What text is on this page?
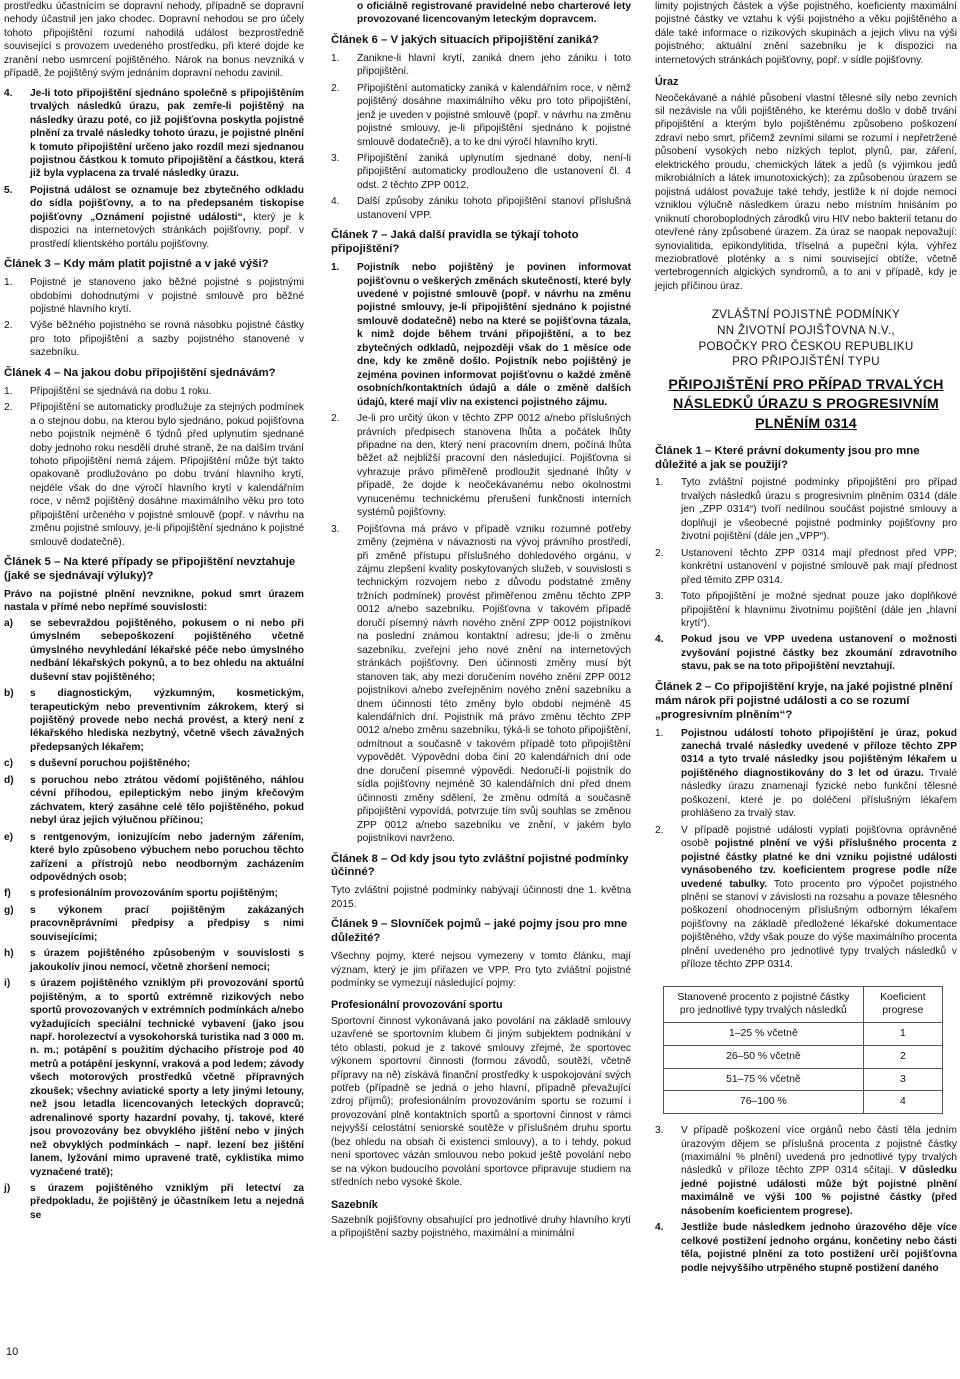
prostředku účastnícím se dopravní nehody, případně se dopravní nehody účastnil jen jako chodec. Dopravní nehodou se pro účely tohoto připojištění rozumí nahodilá událost bezprostředně související s provozem uvedeného prostředku, při které dojde ke zranění nebo usmrcení pojištěného. Nárok na bonus nevzniká v případě, že pojištěný svým jednáním dopravní nehodu zavinil.

4.	Je-li toto připojištění sjednáno společně s připojištěním trvalých následků úrazu, pak zemře-li pojištěný na následky úrazu poté, co již pojišťovna poskytla pojistné plnění za trvalé následky tohoto úrazu, je pojistné plnění k tomuto připojištění určeno jako rozdíl mezi sjednanou pojistnou částkou k tomuto připojištění a částkou, která již byla vyplacena za trvalé následky úrazu.
5.	Pojistná událost se oznamuje bez zbytečného odkladu do sídla pojišťovny, a to na předepsaném tiskopise pojišťovny „Oznámení pojistné události“, který je k dispozici na internetových stránkách pojišťovny, popř. v prostředí klientského portálu pojišťovny.
Článek 3 – Kdy mám platit pojistné a v jaké výši?
1.	Pojistné je stanoveno jako běžné pojistné s pojistnými obdobími dohodnutými v pojistné smlouvě pro běžné pojistné hlavního krytí.
2.	Výše běžného pojistného se rovná násobku pojistné částky pro toto připojištění a sazby pojistného stanovené v sazebníku.
Článek 4 – Na jakou dobu připojištění sjednávám?
1.	Připojištění se sjednává na dobu 1 roku.
2.	Připojištění se automaticky prodlužuje za stejných podmínek a o stejnou dobu, na kterou bylo sjednáno, pokud pojišťovna nebo pojistník nejméně 6 týdnů před uplynutím sjednané doby jednoho roku nesdělí druhé straně, že na dalším trvání tohoto připojištění nemá zájem. Připojištění může být takto opakovaně prodlužováno po dobu trvání hlavního krytí, nejdéle však do dne výročí hlavního krytí v kalendářním roce, v němž pojištěný dosáhne maximálního věku pro toto připojištění určeného v pojistné smlouvě (popř. v návrhu na změnu pojistné smlouvy, je-li připojištění sjednáno k pojistné smlouvě dodatečně).
Článek 5 – Na které případy se připojištění nevztahuje (jaké se sjednávají výluky)?

Právo na pojistné plnění nevznikne, pokud smrt úrazem nastala v přímé nebo nepřímé souvislosti:

a)	se sebevraždou pojištěného, pokusem o ni nebo při úmyslném sebepoškození pojištěného včetně úmyslného nevyhledání lékařské péče nebo úmyslného nedbání lékařských pokynů, a to bez ohledu na aktuální duševní stav pojištěného;
b)	s diagnostickým, výzkumným, kosmetickým, terapeutickým nebo preventivním zákrokem, který si pojištěný provede nebo nechá provést, a který není z lékařského hlediska nezbytný, včetně všech závažných předepsaných lékařem;
c)	s duševní poruchou pojištěného;
d)	s poruchou nebo ztrátou vědomí pojištěného, náhlou cévní příhodou, epileptickým nebo jiným křečovým záchvatem, který zasáhne celé tělo pojištěného, pokud nebyl úraz jejich výlučnou příčinou;
e)	s rentgenovým, ionizujícím nebo jaderným zářením, které bylo způsobeno výbuchem nebo poruchou těchto zařízení a přístrojů nebo neodborným zacházením odpovědných osob;
f)	s profesionálním provozováním sportu pojištěným;
g)	s výkonem prací pojištěným zakázaných pracovněprávními předpisy a předpisy s nimi souvisejícími;
h)	s úrazem pojištěného způsobeným v souvislosti s jakoukoliv jinou nemocí, včetně zhoršení nemoci;
i)	s úrazem pojištěného vzniklým při provozování sportů pojištěným, a to sportů extrémně rizikových nebo sportů provozovaných v extrémních podmínkách a/nebo vyžadujících speciální technické vybavení (jako jsou např. horolezectví a vysokohorská turistika nad 3 000 m. n. m.; potápění s použitím dýchacího přístroje pod 40 metrů a potápění jeskynní, vraková a pod ledem; závody všech motorových prostředků včetně přípravných zkoušek; všechny aviatické sporty a lety jinými letouny, než jsou letadla licencovaných leteckých dopravců; adrenalinové sporty hazardní povahy, tj. takové, které jsou provozovány bez obvyklého jištění nebo v jiných než obvyklých podmínkách – např. lezení bez jištění lanem, lyžování mimo upravené tratě, cyklistika mimo vyznačené tratě);
j)	s úrazem pojištěného vzniklým při letectví za předpokladu, že pojištěný je účastníkem letu a nejedná se

o oficiálně registrované pravidelné nebo charterové lety provozované licencovaným leteckým dopravcem.

Článek 6 – V jakých situacích připojištění zaniká?
1.	Zanikne-li hlavní krytí, zaniká dnem jeho zániku i toto připojištění.
2.	Připojištění automaticky zaniká v kalendářním roce, v němž pojištěný dosáhne maximálního věku pro toto připojištění, jenž je uveden v pojistné smlouvě (popř. v návrhu na změnu pojistné smlouvy, je-li připojištění sjednáno k pojistné smlouvě dodatečně), a to ke dni výročí hlavního krytí.
3.	Připojištění zaniká uplynutím sjednané doby, není-li připojištění automaticky prodlouženo dle ustanovení čl. 4 odst. 2 těchto ZPP 0012.
4.	Další způsoby zániku tohoto připojištění stanoví příslušná ustanovení VPP.
Článek 7 – Jaká další pravidla se týkají tohoto připojištění?
1.	Pojistník nebo pojištěný je povinen informovat pojišťovnu o veškerých změnách skutečností, které byly uvedené v pojistné smlouvě (popř. v návrhu na změnu pojistné smlouvy, je-li připojištění sjednáno k pojistné smlouvě dodatečně) nebo na které se pojišťovna tázala, k nimž dojde během trvání připojištění, a to bez zbytečných odkladů, nejpozději však do 1 měsíce ode dne, kdy ke změně došlo. Pojistník nebo pojištěný je zejména povinen informovat pojišťovnu o každé změně osobních/kontaktních údajů a dále o změně dalších údajů, které mají vliv na existenci pojistného zájmu.
2.	Je-li pro určitý úkon v těchto ZPP 0012 a/nebo příslušných právních předpisech stanovena lhůta a počátek lhůty připadne na den, který není pracovním dnem, počíná lhůta běžet až nejbližší pracovní den následující. Pojišťovna si vyhrazuje právo přiměřeně prodloužit sjednané lhůty v případě, že dojde k neočekávanému nebo okolnostmi vynucenému technickému přerušení funkčnosti interních systémů pojišťovny.
3.	Pojišťovna má právo v případě vzniku rozumné potřeby změny (zejména v návaznosti na vývoj právního prostředí, při změně přístupu příslušného dohledového orgánu, v zájmu zlepšení kvality poskytovaných služeb, v souvislosti s technickým rozvojem nebo z důvodu podstatné změny tržních podmínek) provést přiměřenou změnu těchto ZPP 0012 a/nebo sazebníku. Pojišťovna v takovém případě doručí písemný návrh nového znění ZPP 0012 pojistníkovi na poslední známou kontaktní adresu; jde-li o změnu sazebníku, zveřejní jeho nové znění na internetových stránkách pojišťovny. Den účinnosti změny musí být stanoven tak, aby mezi doručením nového znění ZPP 0012 pojistníkovi a/nebo zveřejněním nového znění sazebníku a dnem účinnosti této změny bylo období nejméně 45 kalendářních dní. Pojistník má právo změnu těchto ZPP 0012 a/nebo změnu sazebníku, týká-li se tohoto připojištění, odmítnout a současně v takovém případě toto připojištění vypovědět. Výpovědní doba činí 20 kalendářních dní ode dne doručení písemné výpovědi. Nedoručí-li pojistník do sídla pojišťovny nejméně 30 kalendářních dní před dnem účinnosti změny sdělení, že změnu odmítá a současně připojištění vypovídá, potvrzuje tím svůj souhlas se změnou ZPP 0012 a/nebo sazebníku ve znění, v jakém bylo pojistníkovi navrženo.
Článek 8 – Od kdy jsou tyto zvláštní pojistné podmínky účinné?

Tyto zvláštní pojistné podmínky nabývají účinnosti dne 1. května 2015.

Článek 9 – Slovníček pojmů – jaké pojmy jsou pro mne důležité?

Všechny pojmy, které nejsou vymezeny v tomto článku, mají význam, který je jim přiřazen ve VPP. Pro tyto zvláštní pojistné podmínky se vymezují následující pojmy:

Profesionální provozování sportu

Sportovní činnost vykonávaná jako povolání na základě smlouvy uzavřené se sportovním klubem či jiným subjektem podnikání v této oblasti, pokud je z takové smlouvy zřejmé, že sportovec výkonem sportovní činnosti (formou závodů, soutěží, včetně přípravy na ně) získává finanční prostředky k uspokojování svých potřeb (případně se jedná o jeho hlavní, případně převažující zdroj příjmů); profesionálním provozováním sportu se rozumí i provozování plně kontaktních sportů a sportovní činnost v rámci nejvyšší celostátní seniorské soutěže v příslušném druhu sportu (bez ohledu na obsah či existenci smlouvy), a to i tehdy, pokud není sportovec vázán smlouvou nebo pokud ještě povolání nebo se na výkon budoucího povolání sportovce připravuje studiem na středních nebo vysoké škole.

Sazebník

Sazebník pojišťovny obsahující pro jednotlivé druhy hlavního krytí a připojištění sazby pojistného, maximální a minimální

limity pojistných částek a výše pojistného, koeficienty maximální pojistné částky ve vztahu k výši pojistného a věku pojištěného a dále také informace o rizikových skupinách a jejich vlivu na výši pojistného; aktuální znění sazebníku je k dispozici na internetových stránkách pojišťovny, popř. v sídle pojišťovny.

Úraz

Neočekávané a náhlé působení vlastní tělesné síly nebo zevních sil nezávisle na vůli pojištěného, ke kterému došlo v době trvání připojištění a kterým bylo pojištěnému způsobeno poškození zdraví nebo smrt, přičemž zevními silami se rozumí i nepřetržené působení vysokých nebo nízkých teplot, plynů, par, záření, elektrického proudu, chemických látek a jedů (s výjimkou jedů mikrobiálních a látek imunotoxických); za způsobenou úrazem se pojistná událost považuje také tehdy, jestliže k ní dojde nemocí vzniklou výlučně následkem úrazu nebo místním hnisáním po vniknutí choroboplodných zárodků viru HIV nebo bakterií tetanu do otevřené rány způsobené úrazem. Za úraz se naopak nepovažují: synovialitida, epikondylitida, tříselná a pupeční kýla, výhřez meziobratlové ploténky a s nimi související obtíže, včetně vertebrogenních algických syndromů, a to ani v případě, kdy je jejich příčinou úraz.

ZVLÁŠTNÍ POJISTNÉ PODMÍNKY
NN ŽIVOTNÍ POJIŠŤOVNA N.V.,
POBOČKY PRO ČESKOU REPUBLIKU
PRO PŘIPOJIŠTĚNÍ TYPU
PŘIPOJIŠTĚNÍ PRO PŘÍPAD TRVALÝCH NÁSLEDKŮ ÚRAZU S PROGRESIVNÍM PLNĚNÍM 0314
Článek 1 – Které právní dokumenty jsou pro mne důležité a jak se použijí?
1.	Tyto zvláštní pojistné podmínky připojištění pro případ trvalých následků úrazu s progresivním plněním 0314 (dále jen „ZPP 0314“) tvoří nedílnou součást pojistné smlouvy a doplňují je všeobecné pojistné podmínky pojišťovny pro životní pojištění (dále jen „VPP“).
2.	Ustanovení těchto ZPP 0314 mají přednost před VPP; konkrétní ustanovení v pojistné smlouvě pak mají přednost před těmito ZPP 0314.
3.	Toto připojištění je možné sjednat pouze jako doplňkové připojištění k hlavnímu životnímu pojištění (dále jen „hlavní krytí“).
4.	Pokud jsou ve VPP uvedena ustanovení o možnosti zvyšování pojistné částky bez zkoumání zdravotního stavu, pak se na toto připojištění nevztahují.
Článek 2 – Co připojištění kryje, na jaké pojistné plnění mám nárok při pojistné události a co se rozumí „progresivním plněním“?
1.	Pojistnou událostí tohoto připojištění je úraz, pokud zanechá trvalé následky uvedené v příloze těchto ZPP 0314 a tyto trvalé následky jsou pojištěným lékařem u pojištěného diagnostikovány do 3 let od úrazu. Trvalé následky úrazu znamenají fyzické nebo funkční tělesné poškození, které je po doléčení příslušným lékařem prohlášeno za trvalý stav.
2.	V případě pojistné události vyplatí pojišťovna oprávněné osobě pojistné plnění ve výši příslušného procenta z pojistné částky platné ke dni vzniku pojistné události vynásobeného tzv. koeficientem progrese podle níže uvedené tabulky. Toto procento pro výpočet pojistného plnění se stanoví v závislosti na rozsahu a povaze tělesného poškození ohodnoceným příslušným odborným lékařem pojišťovny na základě předložené lékařské dokumentace pojištěného, vždy však pouze do výše maximálního procenta plnění uvedeného pro jednotlivé typy trvalých následků v příloze těchto ZPP 0314.
Stanovené procento z pojistné částky pro jednotlivé typy trvalých následků	Koeficient progrese
1–25 % včetně	1
26–50 % včetně	2
51–75 % včetně	3
76–100 %	4
3.	V případě poškození více orgánů nebo částí těla jedním úrazovým dějem se příslušná procenta z pojistné částky (maximální % plnění) uvedená pro jednotlivé typy trvalých následků v příloze těchto ZPP 0314 sčítají. V důsledku jedné pojistné události může být pojistné plnění maximálně ve výši 100 % pojistné částky (před násobením koeficientem progrese).
4.	Jestliže bude následkem jednoho úrazového děje více celkové postižení jednoho orgánu, končetiny nebo části těla, pojistné plnění za toto postižení určí pojišťovna podle nejvyššího utrpěného stupně postižení daného
10
